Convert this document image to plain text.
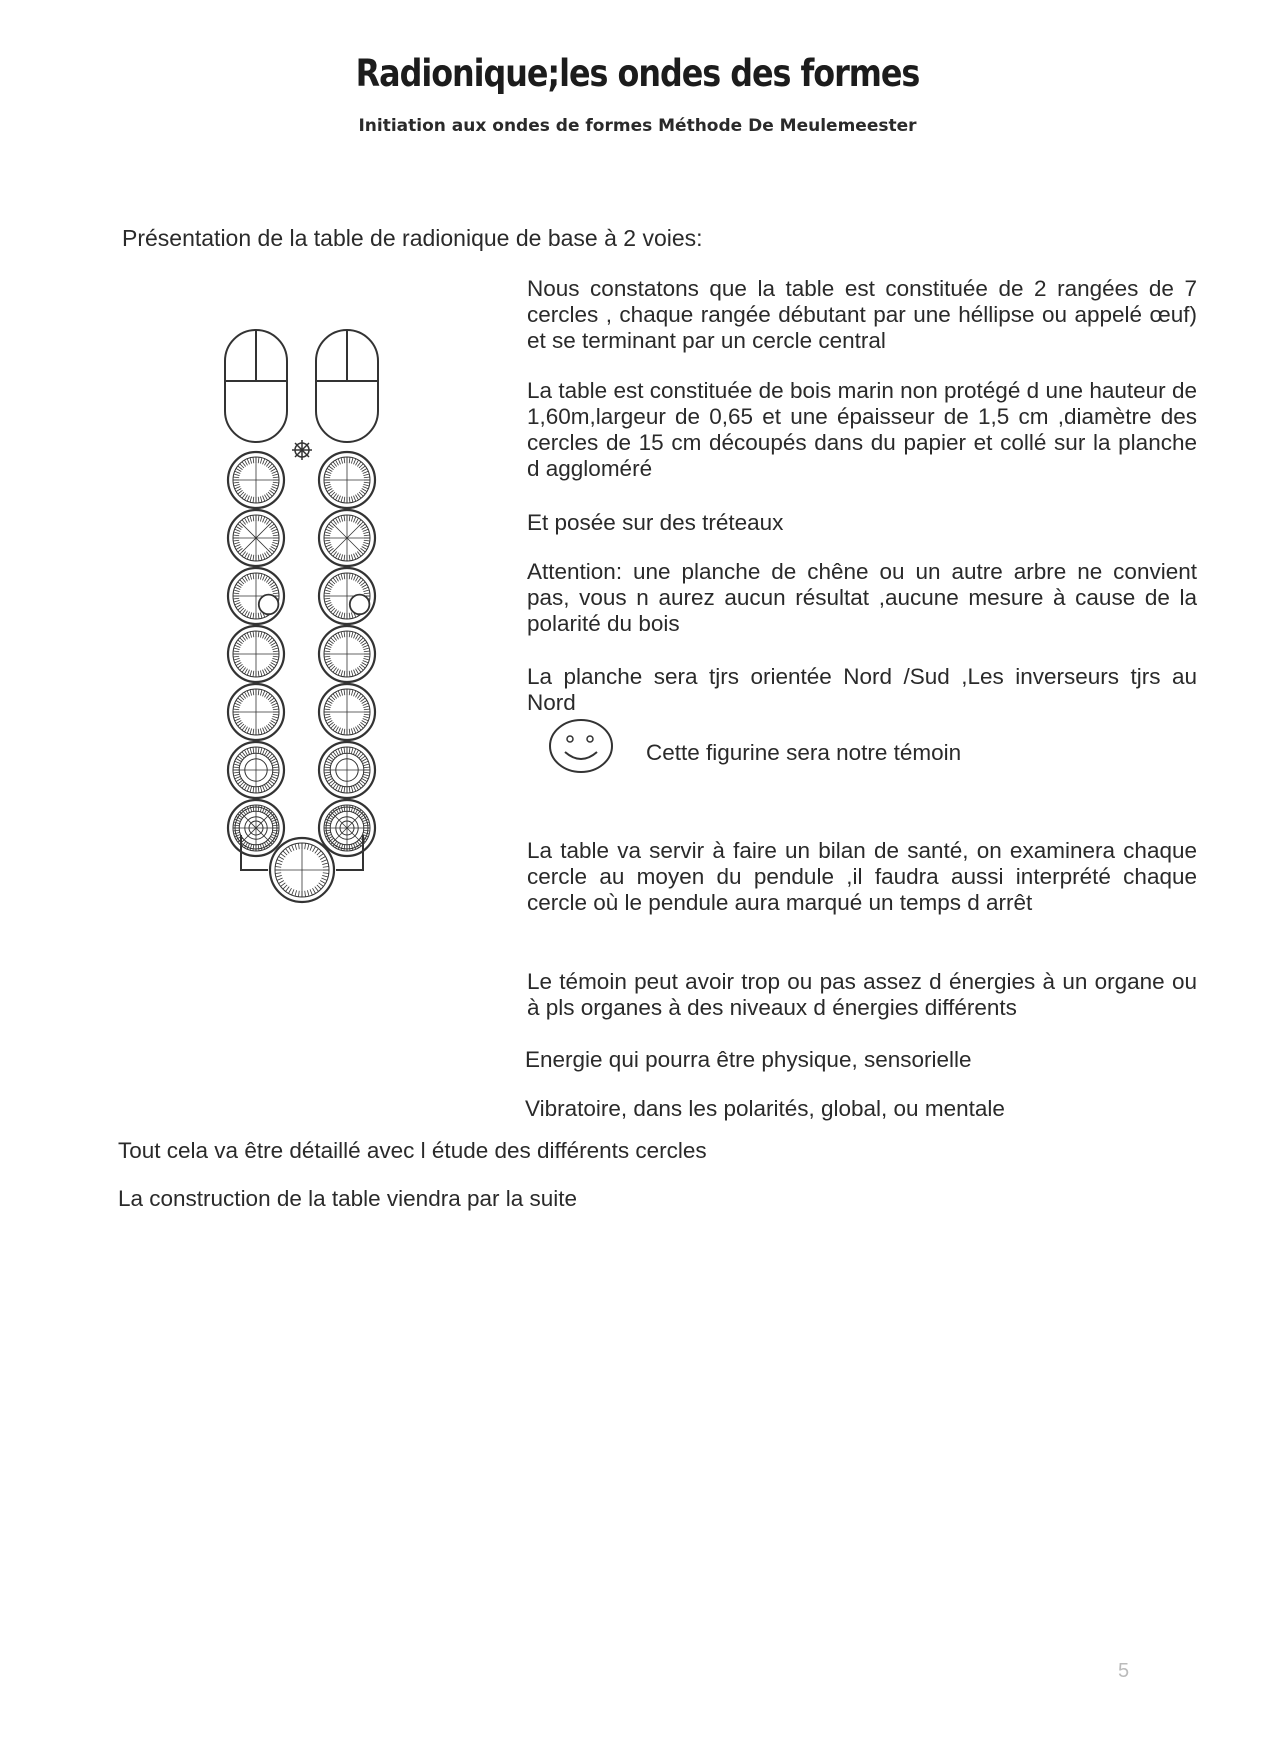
Radionique;les ondes des formes
Initiation aux ondes de formes Méthode De Meulemeester
Présentation de la table de radionique de base à 2 voies:

Nous constatons que la table est constituée de 2 rangées de 7 cercles , chaque rangée débutant par une héllipse ou appelé œuf) et se terminant par un cercle central

La table est constituée de bois marin non protégé d une hauteur de 1,60m,largeur de 0,65 et une épaisseur de 1,5 cm ,diamètre des cercles de 15 cm découpés dans du papier et collé sur la planche d aggloméré

Et posée sur des tréteaux

Attention: une planche de chêne ou un autre arbre ne convient pas, vous n aurez aucun résultat ,aucune mesure à cause de la polarité du bois

La planche sera tjrs orientée Nord /Sud ,Les inverseurs tjrs au Nord

Cette figurine sera notre témoin

La table va servir à faire un bilan de santé, on examinera chaque cercle au moyen du pendule ,il faudra aussi interprété chaque cercle où le pendule aura marqué un temps d arrêt

Le témoin peut avoir trop ou pas assez d énergies à un organe ou à pls organes à des niveaux d énergies différents

Energie qui pourra être physique, sensorielle

Vibratoire, dans les polarités, global, ou mentale

Tout cela va être détaillé avec l étude des différents cercles

La construction de la table viendra par la suite

5
